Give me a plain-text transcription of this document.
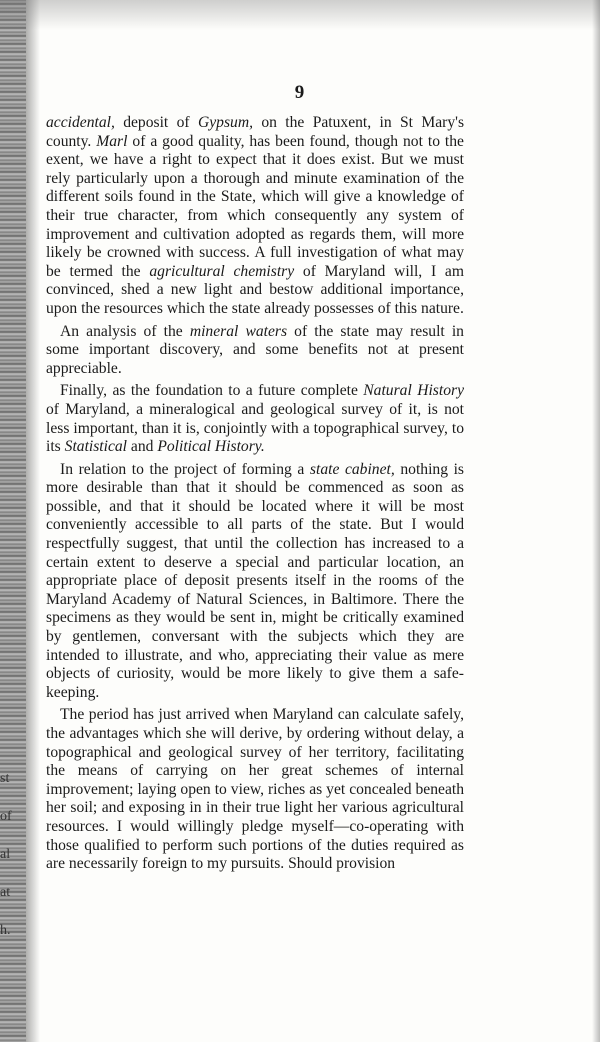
st
of
al
at
h.
9

accidental, deposit of Gypsum, on the Patuxent, in St Mary's county. Marl of a good quality, has been found, though not to the exent, we have a right to expect that it does exist. But we must rely particularly upon a thorough and minute examination of the different soils found in the State, which will give a knowledge of their true character, from which consequently any system of improvement and cultivation adopted as regards them, will more likely be crowned with success. A full investigation of what may be termed the agricultural chemistry of Maryland will, I am convinced, shed a new light and bestow additional importance, upon the resources which the state already possesses of this nature.

An analysis of the mineral waters of the state may result in some important discovery, and some benefits not at present appreciable.

Finally, as the foundation to a future complete Natural History of Maryland, a mineralogical and geological survey of it, is not less important, than it is, conjointly with a topographical survey, to its Statistical and Political History.

In relation to the project of forming a state cabinet, nothing is more desirable than that it should be commenced as soon as possible, and that it should be located where it will be most conveniently accessible to all parts of the state. But I would respectfully suggest, that until the collection has increased to a certain extent to deserve a special and particular location, an appropriate place of deposit presents itself in the rooms of the Maryland Academy of Natural Sciences, in Baltimore. There the specimens as they would be sent in, might be critically examined by gentlemen, conversant with the subjects which they are intended to illustrate, and who, appreciating their value as mere objects of curiosity, would be more likely to give them a safe-keeping.

The period has just arrived when Maryland can calculate safely, the advantages which she will derive, by ordering without delay, a topographical and geological survey of her territory, facilitating the means of carrying on her great schemes of internal improvement; laying open to view, riches as yet concealed beneath her soil; and exposing in in their true light her various agricultural resources. I would willingly pledge myself—co-operating with those qualified to perform such portions of the duties required as are necessarily foreign to my pursuits. Should provision
